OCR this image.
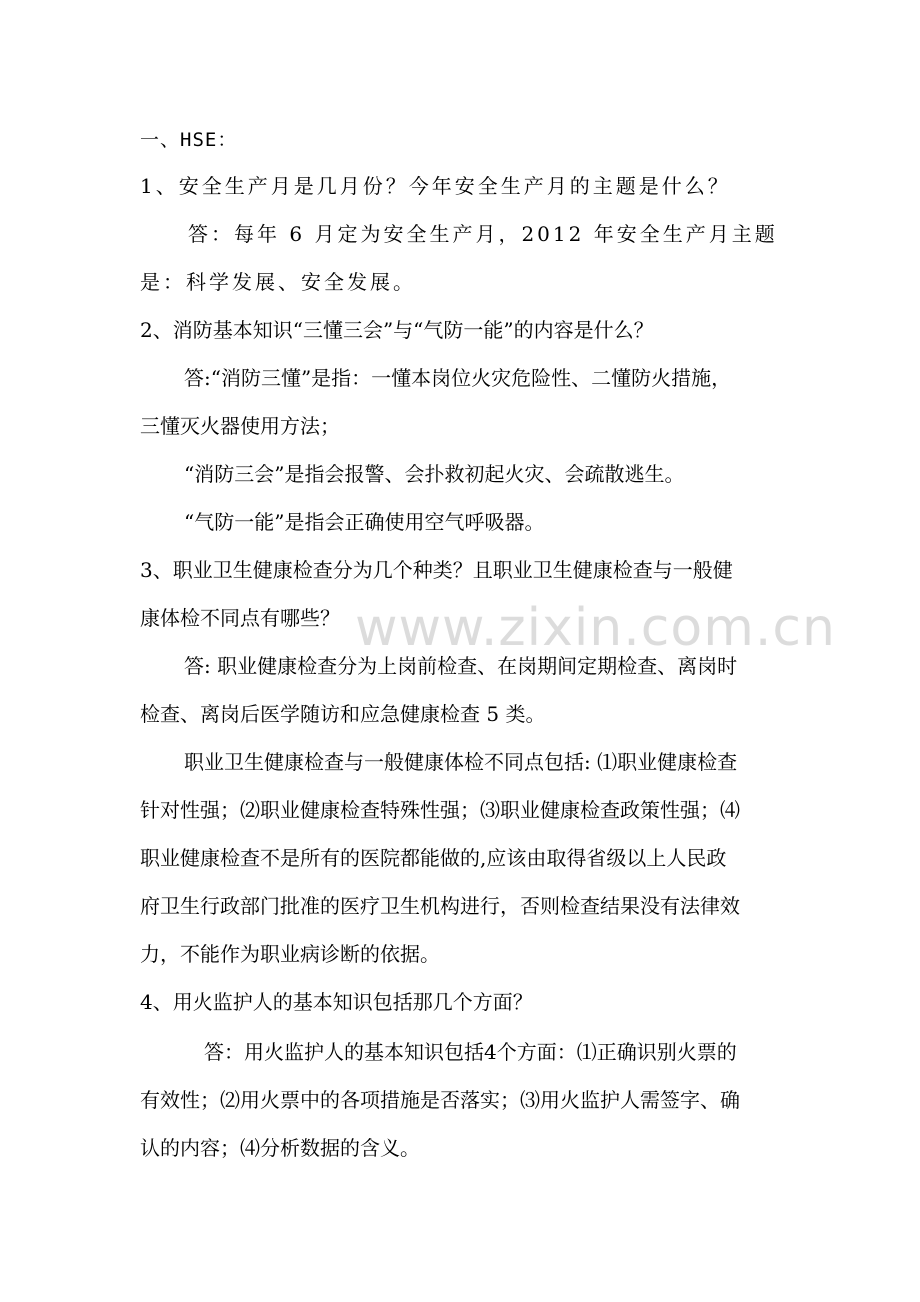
一、HSE：
1、安全生产月是几月份？今年安全生产月的主题是什么？
答：每年 6 月定为安全生产月，2012 年安全生产月主题
是：科学发展、安全发展。
2、消防基本知识“三懂三会”与“气防一能”的内容是什么？
答:“消防三懂”是指：一懂本岗位火灾危险性、二懂防火措施，
三懂灭火器使用方法；
“消防三会”是指会报警、会扑救初起火灾、会疏散逃生。
“气防一能”是指会正确使用空气呼吸器。
3、职业卫生健康检查分为几个种类？且职业卫生健康检查与一般健
康体检不同点有哪些？
答: 职业健康检查分为上岗前检查、在岗期间定期检查、离岗时
检查、离岗后医学随访和应急健康检查 5 类。
职业卫生健康检查与一般健康体检不同点包括: ⑴职业健康检查
针对性强；⑵职业健康检查特殊性强；⑶职业健康检查政策性强；⑷
职业健康检查不是所有的医院都能做的,应该由取得省级以上人民政
府卫生行政部门批准的医疗卫生机构进行，否则检查结果没有法律效
力，不能作为职业病诊断的依据。
4、用火监护人的基本知识包括那几个方面？
答：用火监护人的基本知识包括4个方面：⑴正确识别火票的
有效性；⑵用火票中的各项措施是否落实；⑶用火监护人需签字、确
认的内容；⑷分析数据的含义。
www.zixin.com.cn
